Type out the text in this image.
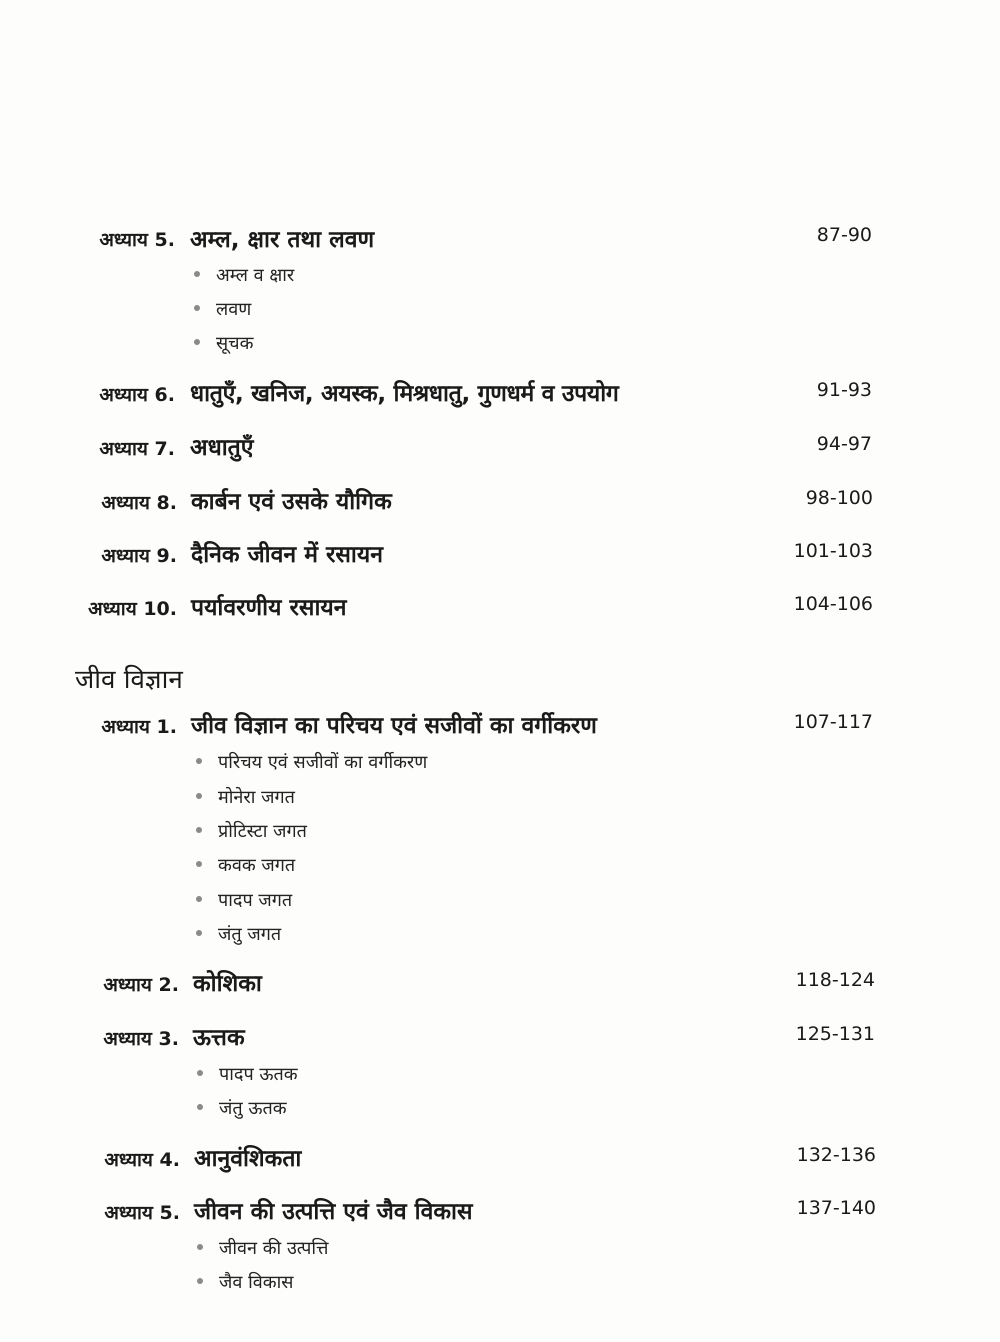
अध्याय 5. अम्ल, क्षार तथा लवण	87-90
अम्ल व क्षार
लवण
सूचक
अध्याय 6. धातुएँ, खनिज, अयस्क, मिश्रधातु, गुणधर्म व उपयोग	91-93
अध्याय 7. अधातुएँ	94-97
अध्याय 8. कार्बन एवं उसके यौगिक	98-100
अध्याय 9. दैनिक जीवन में रसायन	101-103
अध्याय 10. पर्यावरणीय रसायन	104-106
जीव विज्ञान
अध्याय 1. जीव विज्ञान का परिचय एवं सजीवों का वर्गीकरण	107-117
परिचय एवं सजीवों का वर्गीकरण
मोनेरा जगत
प्रोटिस्टा जगत
कवक जगत
पादप जगत
जंतु जगत
अध्याय 2. कोशिका	118-124
अध्याय 3. ऊत्तक	125-131
पादप ऊतक
जंतु ऊतक
अध्याय 4. आनुवंशिकता	132-136
अध्याय 5. जीवन की उत्पत्ति एवं जैव विकास	137-140
जीवन की उत्पत्ति
जैव विकास
